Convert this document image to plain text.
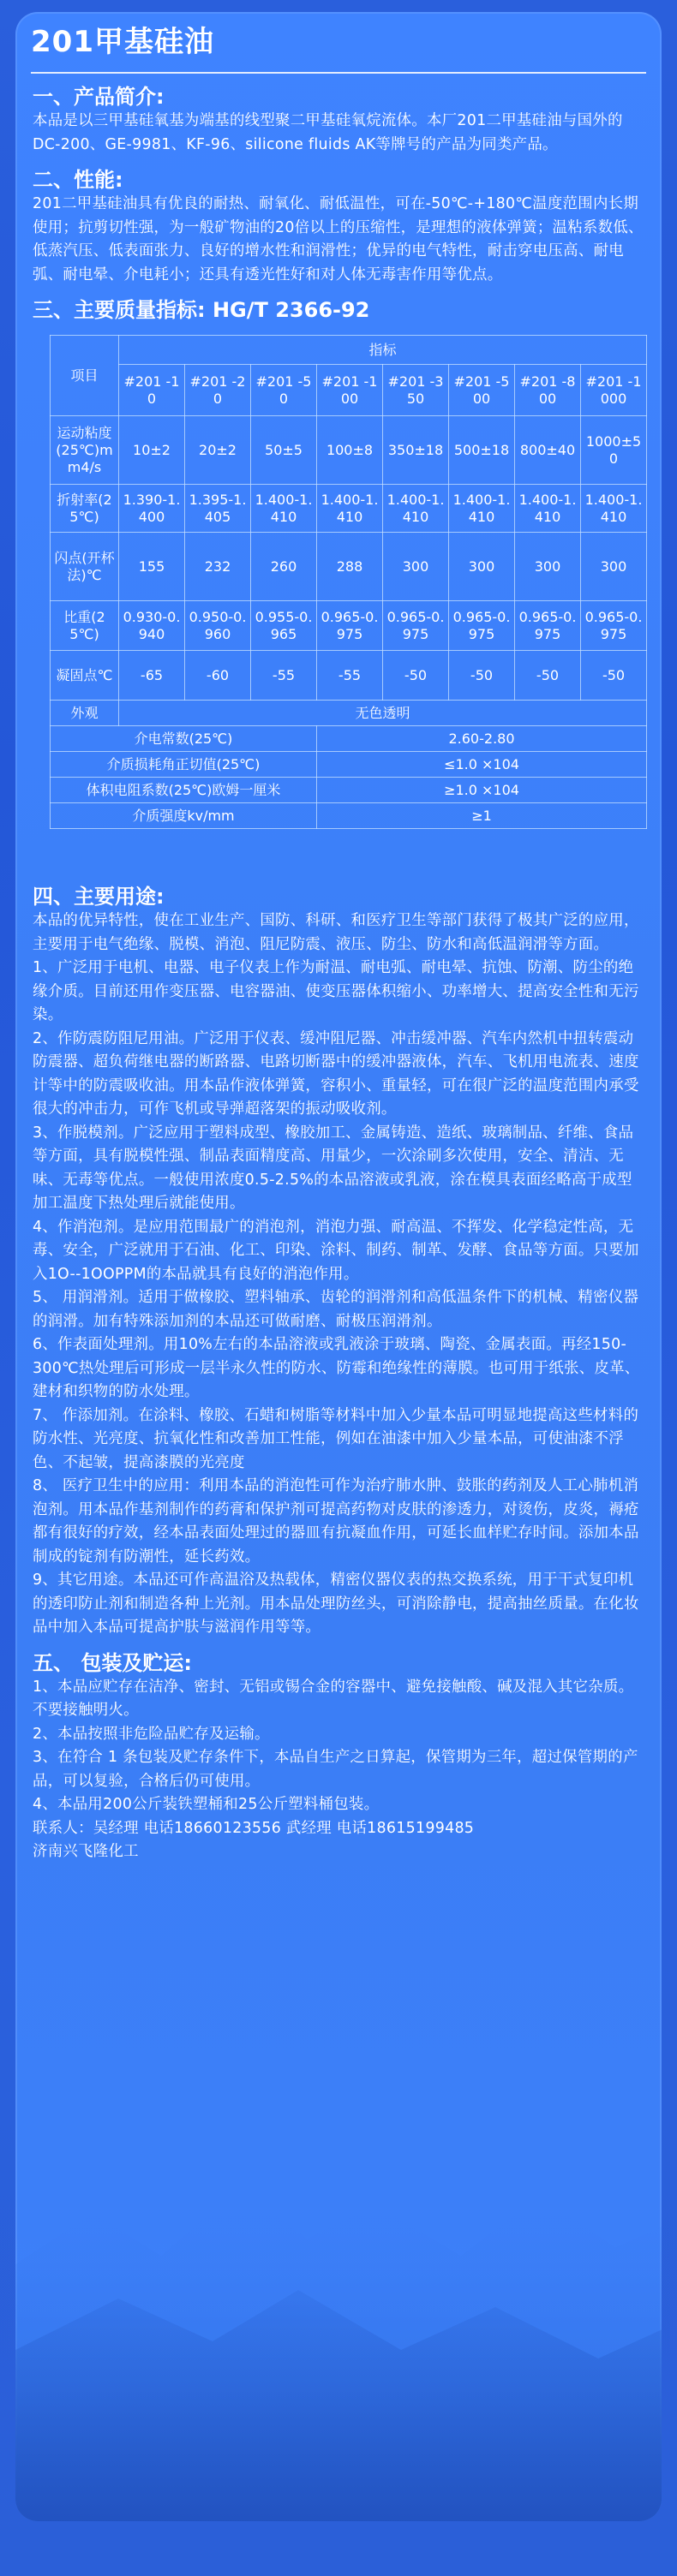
201甲基硅油
一、产品简介:

本品是以三甲基硅氧基为端基的线型聚二甲基硅氧烷流体。本厂201二甲基硅油与国外的DC-200、GE-9981、KF-96、silicone fluids AK等牌号的产品为同类产品。

二、性能:

201二甲基硅油具有优良的耐热、耐氧化、耐低温性，可在-50℃-+180℃温度范围内长期使用；抗剪切性强，为一般矿物油的20倍以上的压缩性，是理想的液体弹簧；温粘系数低、低蒸汽压、低表面张力、良好的增水性和润滑性；优异的电气特性，耐击穿电压高、耐电弧、耐电晕、介电耗小；还具有透光性好和对人体无毒害作用等优点。

三、主要质量指标: HG/T 2366-92
项目	指标							
	#201 -10	#201 -20	#201 -50	#201 -100	#201 -350	#201 -500	#201 -800	#201 -1000
运动粘度(25℃)mm4/s	10±2	20±2	50±5	100±8	350±18	500±18	800±40	1000±50
折射率(25℃)	1.390-1.400	1.395-1.405	1.400-1.410	1.400-1.410	1.400-1.410	1.400-1.410	1.400-1.410	1.400-1.410
闪点(开杯法)℃	155	232	260	288	300	300	300	300
比重(25℃)	0.930-0.940	0.950-0.960	0.955-0.965	0.965-0.975	0.965-0.975	0.965-0.975	0.965-0.975	0.965-0.975
凝固点℃	-65	-60	-55	-55	-50	-50	-50	-50
外观	无色透明							
介电常数(25℃)				2.60-2.80				
介质损耗角正切值(25℃)				≤1.0 ×104				
体积电阻系数(25℃)欧姆一厘米				≥1.0 ×104				
介质强度kv/mm				≥1				
四、主要用途:

本品的优异特性，使在工业生产、国防、科研、和医疗卫生等部门获得了极其广泛的应用，主要用于电气绝缘、脱模、消泡、阻尼防震、液压、防尘、防水和高低温润滑等方面。

1、广泛用于电机、电器、电子仪表上作为耐温、耐电弧、耐电晕、抗蚀、防潮、防尘的绝缘介质。目前还用作变压器、电容器油、使变压器体积缩小、功率增大、提高安全性和无污染。

2、作防震防阻尼用油。广泛用于仪表、缓冲阻尼器、冲击缓冲器、汽车内然机中扭转震动防震器、超负荷继电器的断路器、电路切断器中的缓冲器液体，汽车、飞机用电流表、速度计等中的防震吸收油。用本品作液体弹簧，容积小、重量轻，可在很广泛的温度范围内承受很大的冲击力，可作飞机或导弹超落架的振动吸收剂。

3、作脱模剂。广泛应用于塑料成型、橡胶加工、金属铸造、造纸、玻璃制品、纤维、食品等方面，具有脱模性强、制品表面精度高、用量少，一次涂刷多次使用，安全、清洁、无味、无毒等优点。一般使用浓度0.5-2.5%的本品溶液或乳液，涂在模具表面经略高于成型加工温度下热处理后就能使用。

4、作消泡剂。是应用范围最广的消泡剂，消泡力强、耐高温、不挥发、化学稳定性高，无毒、安全，广泛就用于石油、化工、印染、涂料、制药、制革、发酵、食品等方面。只要加入1O--1OOPPM的本品就具有良好的消泡作用。

5、 用润滑剂。适用于做橡胶、塑料轴承、齿轮的润滑剂和高低温条件下的机械、精密仪器的润滑。加有特殊添加剂的本品还可做耐磨、耐极压润滑剂。

6、作表面处理剂。用10%左右的本品溶液或乳液涂于玻璃、陶瓷、金属表面。再经150-300℃热处理后可形成一层半永久性的防水、防霉和绝缘性的薄膜。也可用于纸张、皮革、建材和织物的防水处理。

7、 作添加剂。在涂料、橡胶、石蜡和树脂等材料中加入少量本品可明显地提高这些材料的防水性、光亮度、抗氧化性和改善加工性能，例如在油漆中加入少量本品，可使油漆不浮色、不起皱，提高漆膜的光亮度

8、 医疗卫生中的应用：利用本品的消泡性可作为治疗肺水肿、鼓胀的药剂及人工心肺机消泡剂。用本品作基剂制作的药膏和保护剂可提高药物对皮肤的渗透力，对烫伤，皮炎，褥疮都有很好的疗效，经本品表面处理过的器皿有抗凝血作用，可延长血样贮存时间。添加本品制成的锭剂有防潮性，延长药效。

9、其它用途。本品还可作高温浴及热载体，精密仪器仪表的热交换系统，用于干式复印机的透印防止剂和制造各种上光剂。用本品处理防丝头，可消除静电，提高抽丝质量。在化妆品中加入本品可提高护肤与滋润作用等等。

五、 包装及贮运:

1、本品应贮存在洁净、密封、无铝或锡合金的容器中、避免接触酸、碱及混入其它杂质。不要接触明火。

2、本品按照非危险品贮存及运输。

3、在符合 1 条包装及贮存条件下，本品自生产之日算起，保管期为三年，超过保管期的产品，可以复验，合格后仍可使用。

4、本品用200公斤装铁塑桶和25公斤塑料桶包装。

联系人：吴经理 电话18660123556 武经理 电话18615199485

济南兴飞隆化工
